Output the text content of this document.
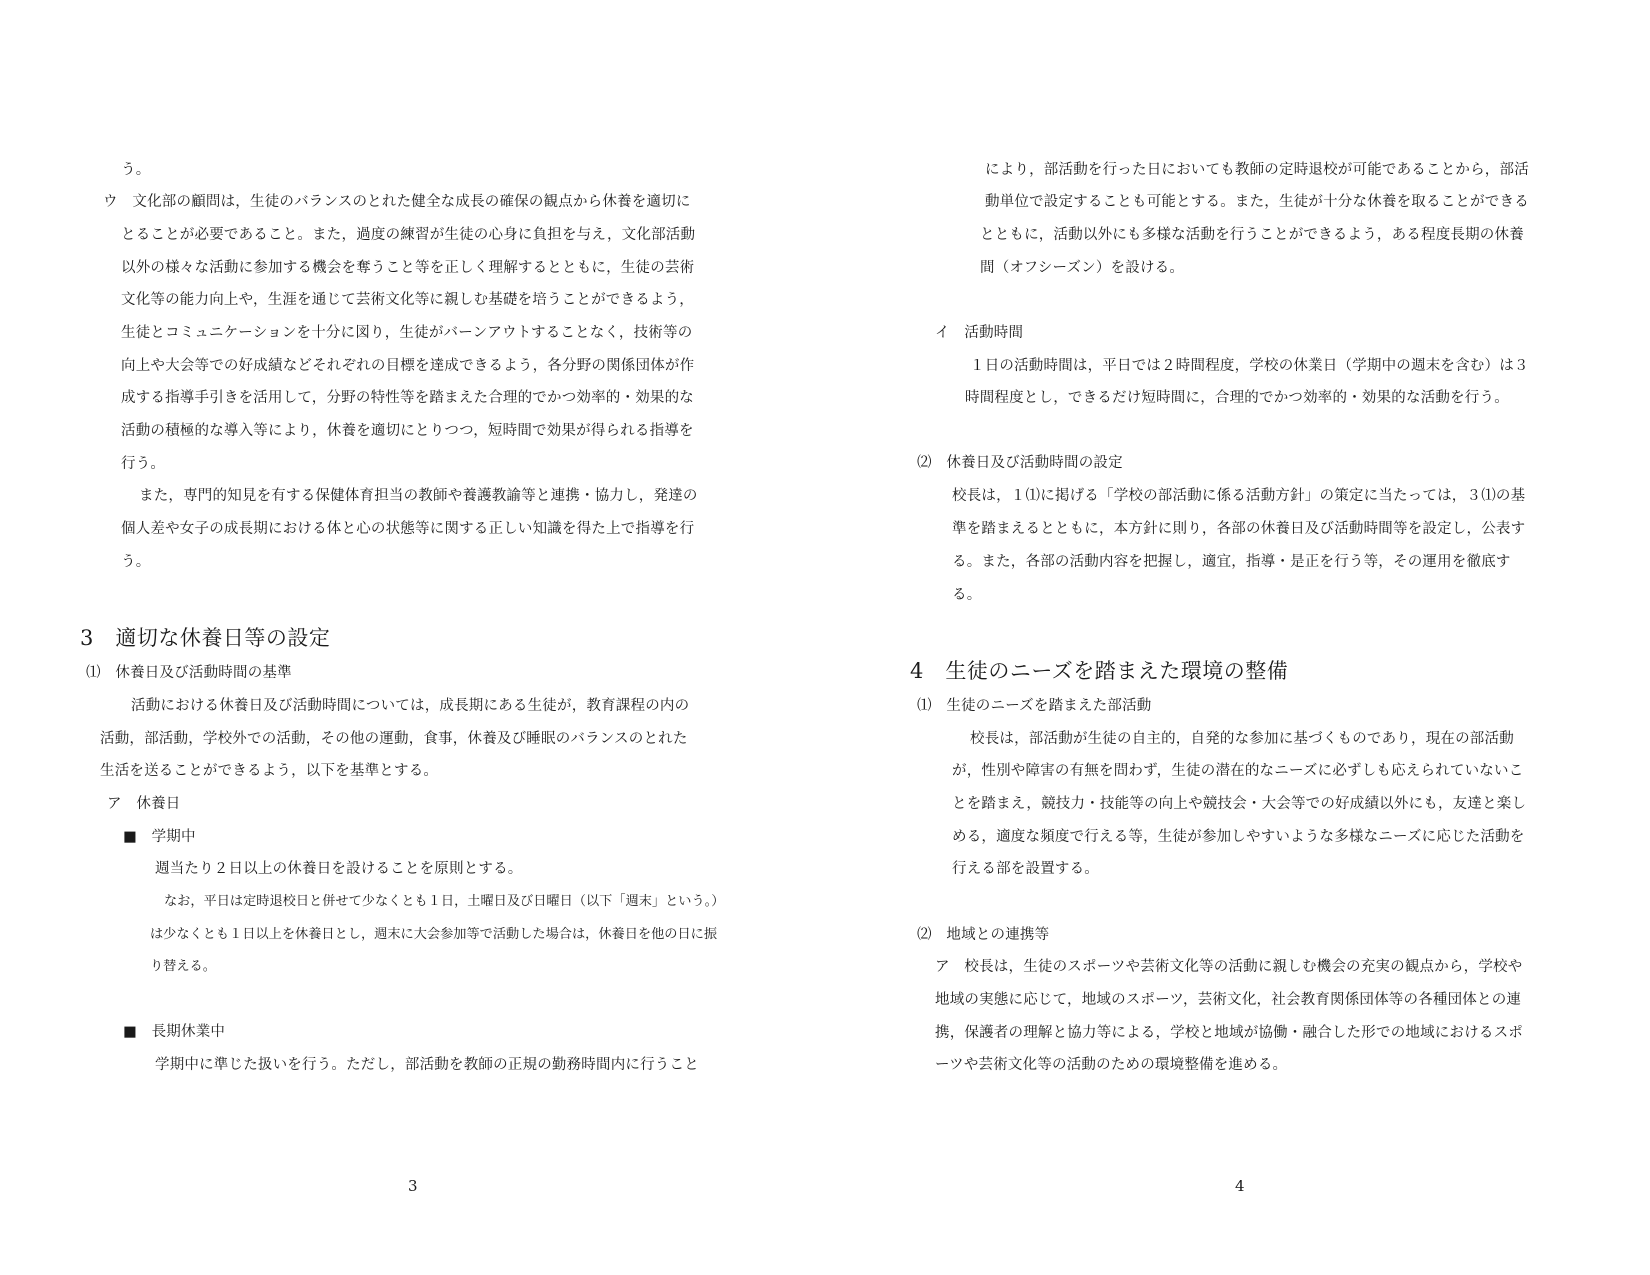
う。
ウ　文化部の顧問は，生徒のバランスのとれた健全な成長の確保の観点から休養を適切に
とることが必要であること。また，過度の練習が生徒の心身に負担を与え，文化部活動
以外の様々な活動に参加する機会を奪うこと等を正しく理解するとともに，生徒の芸術
文化等の能力向上や，生涯を通じて芸術文化等に親しむ基礎を培うことができるよう，
生徒とコミュニケーションを十分に図り，生徒がバーンアウトすることなく，技術等の
向上や大会等での好成績などそれぞれの目標を達成できるよう，各分野の関係団体が作
成する指導手引きを活用して，分野の特性等を踏まえた合理的でかつ効率的・効果的な
活動の積極的な導入等により，休養を適切にとりつつ，短時間で効果が得られる指導を
行う。
また，専門的知見を有する保健体育担当の教師や養護教諭等と連携・協力し，発達の
個人差や女子の成長期における体と心の状態等に関する正しい知識を得た上で指導を行
う。
3　適切な休養日等の設定
⑴　休養日及び活動時間の基準
活動における休養日及び活動時間については，成長期にある生徒が，教育課程の内の
活動，部活動，学校外での活動，その他の運動，食事，休養及び睡眠のバランスのとれた
生活を送ることができるよう，以下を基準とする。
ア　休養日
■　学期中
週当たり２日以上の休養日を設けることを原則とする。
なお，平日は定時退校日と併せて少なくとも１日，土曜日及び日曜日（以下「週末」という。）
は少なくとも１日以上を休養日とし，週末に大会参加等で活動した場合は，休養日を他の日に振
り替える。
■　長期休業中
学期中に準じた扱いを行う。ただし，部活動を教師の正規の勤務時間内に行うこと
3
により，部活動を行った日においても教師の定時退校が可能であることから，部活
動単位で設定することも可能とする。また，生徒が十分な休養を取ることができる
とともに，活動以外にも多様な活動を行うことができるよう，ある程度長期の休養
間（オフシーズン）を設ける。
イ　活動時間
１日の活動時間は，平日では２時間程度，学校の休業日（学期中の週末を含む）は３
時間程度とし，できるだけ短時間に，合理的でかつ効率的・効果的な活動を行う。
⑵　休養日及び活動時間の設定
校長は，１⑴に掲げる「学校の部活動に係る活動方針」の策定に当たっては，３⑴の基
準を踏まえるとともに，本方針に則り，各部の休養日及び活動時間等を設定し，公表す
る。また，各部の活動内容を把握し，適宜，指導・是正を行う等，その運用を徹底す
る。
4　生徒のニーズを踏まえた環境の整備
⑴　生徒のニーズを踏まえた部活動
校長は，部活動が生徒の自主的，自発的な参加に基づくものであり，現在の部活動
が，性別や障害の有無を問わず，生徒の潜在的なニーズに必ずしも応えられていないこ
とを踏まえ，競技力・技能等の向上や競技会・大会等での好成績以外にも，友達と楽し
める，適度な頻度で行える等，生徒が参加しやすいような多様なニーズに応じた活動を
行える部を設置する。
⑵　地域との連携等
ア　校長は，生徒のスポーツや芸術文化等の活動に親しむ機会の充実の観点から，学校や
地域の実態に応じて，地域のスポーツ，芸術文化，社会教育関係団体等の各種団体との連
携，保護者の理解と協力等による，学校と地域が協働・融合した形での地域におけるスポ
ーツや芸術文化等の活動のための環境整備を進める。
4
